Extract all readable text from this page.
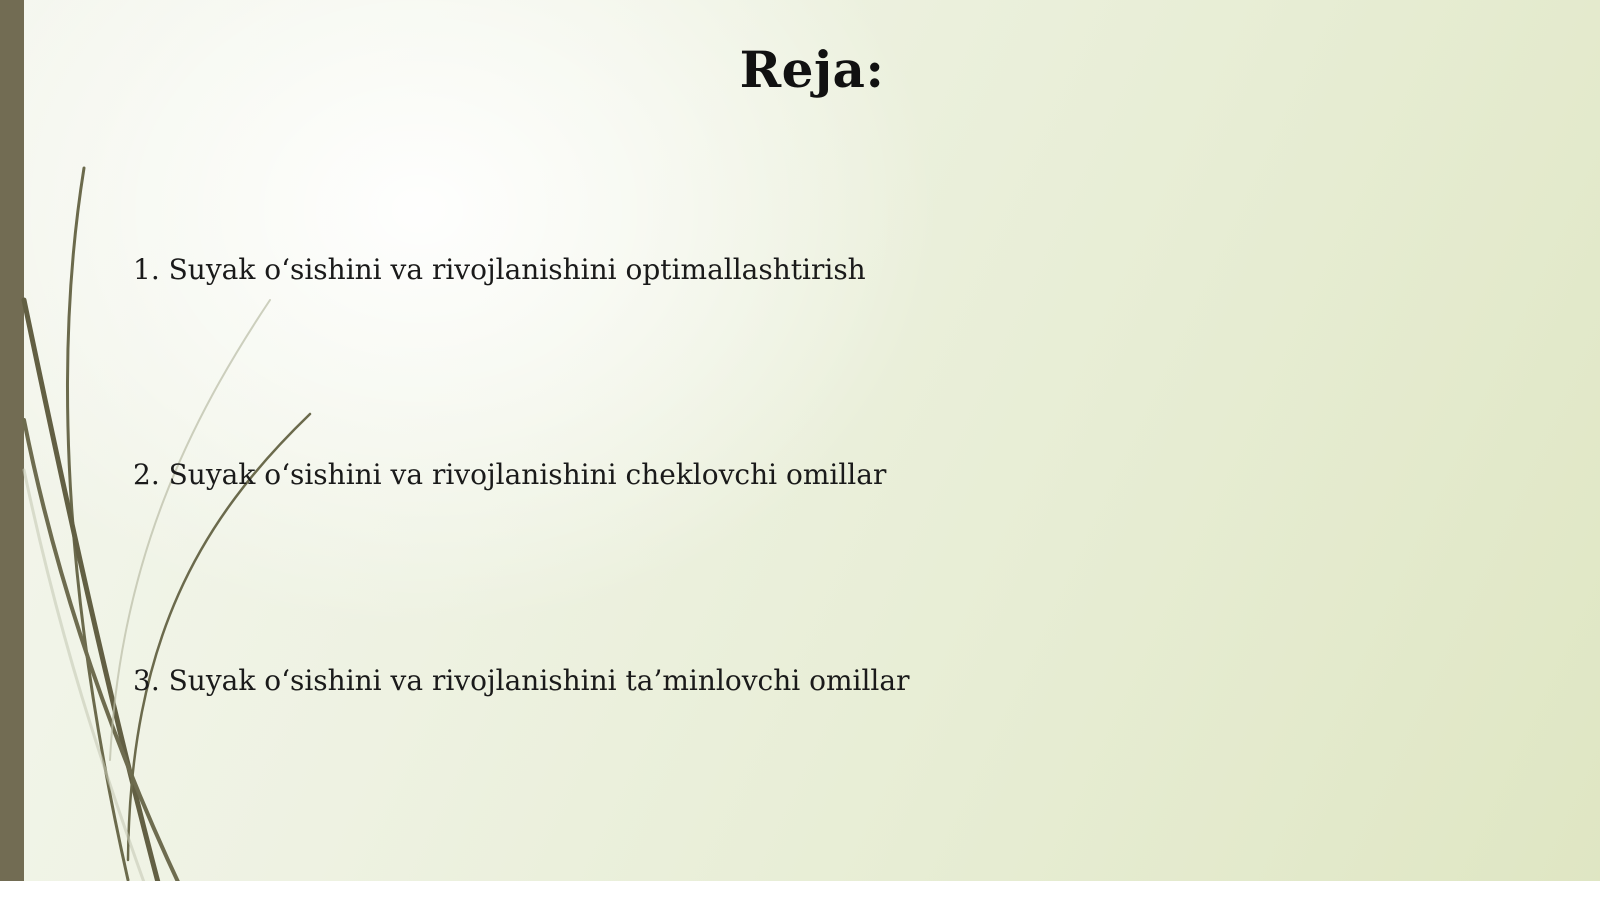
Reja:
1. Suyak o‘sishini va rivojlanishini optimallashtirish
2. Suyak o‘sishini va rivojlanishini cheklovchi omillar
3. Suyak o‘sishini va rivojlanishini ta’minlovchi omillar
